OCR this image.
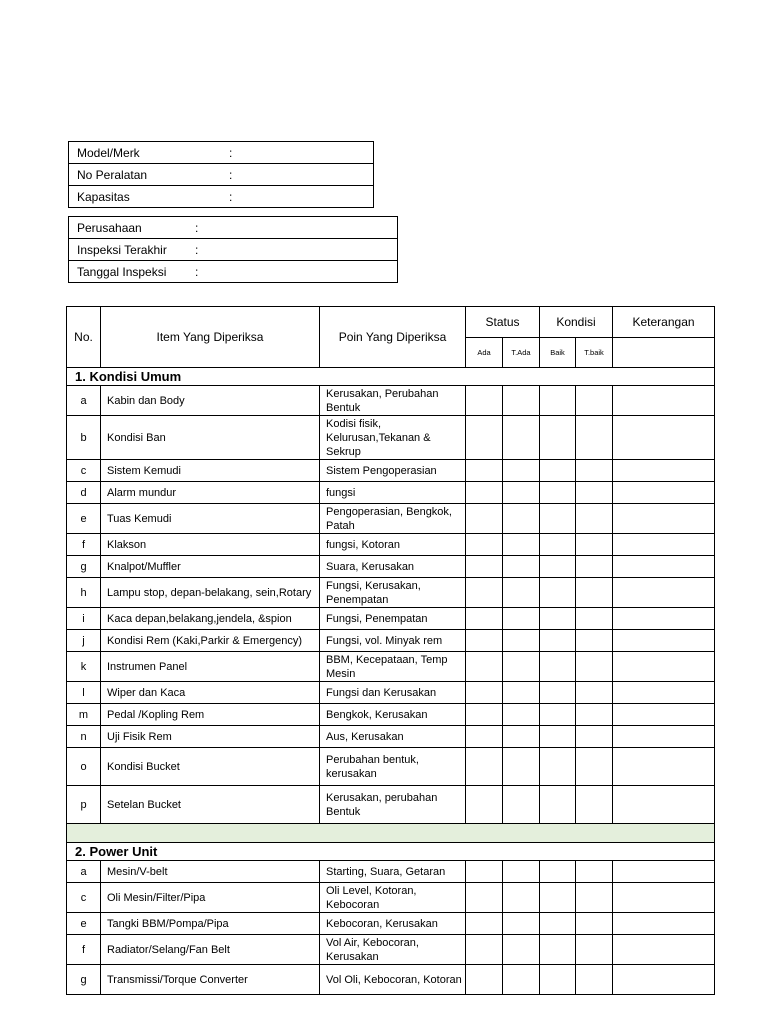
Model/Merk	:
No Peralatan	:
Kapasitas	:
Perusahaan	:
Inspeksi Terakhir :
Tanggal Inspeksi :
No.	Item Yang Diperiksa	Poin Yang Diperiksa	Status		Kondisi		Keterangan
			Ada	T.Ada	Baik	T.baik	
1. Kondisi Umum							
a	Kabin dan Body	Kerusakan, Perubahan Bentuk					
b	Kondisi Ban	Kodisi fisik, Kelurusan,Tekanan & Sekrup					
c	Sistem Kemudi	Sistem Pengoperasian					
d	Alarm mundur	fungsi					
e	Tuas Kemudi	Pengoperasian, Bengkok, Patah					
f	Klakson	fungsi, Kotoran					
g	Knalpot/Muffler	Suara, Kerusakan					
h	Lampu stop, depan-belakang, sein,Rotary	Fungsi, Kerusakan, Penempatan					
i	Kaca depan,belakang,jendela, &spion	Fungsi, Penempatan					
j	Kondisi Rem (Kaki,Parkir & Emergency)	Fungsi, vol. Minyak rem					
k	Instrumen Panel	BBM, Kecepataan, Temp Mesin					
l	Wiper dan Kaca	Fungsi dan Kerusakan					
m	Pedal /Kopling Rem	Bengkok, Kerusakan					
n	Uji Fisik Rem	Aus, Kerusakan					
o	Kondisi Bucket	Perubahan bentuk, kerusakan					
p	Setelan Bucket	Kerusakan, perubahan Bentuk					

2. Power Unit							
a	Mesin/V-belt	Starting, Suara, Getaran					
c	Oli Mesin/Filter/Pipa	Oli Level, Kotoran, Kebocoran					
e	Tangki BBM/Pompa/Pipa	Kebocoran, Kerusakan					
f	Radiator/Selang/Fan Belt	Vol Air, Kebocoran, Kerusakan					
g	Transmissi/Torque Converter	Vol Oli, Kebocoran, Kotoran					
